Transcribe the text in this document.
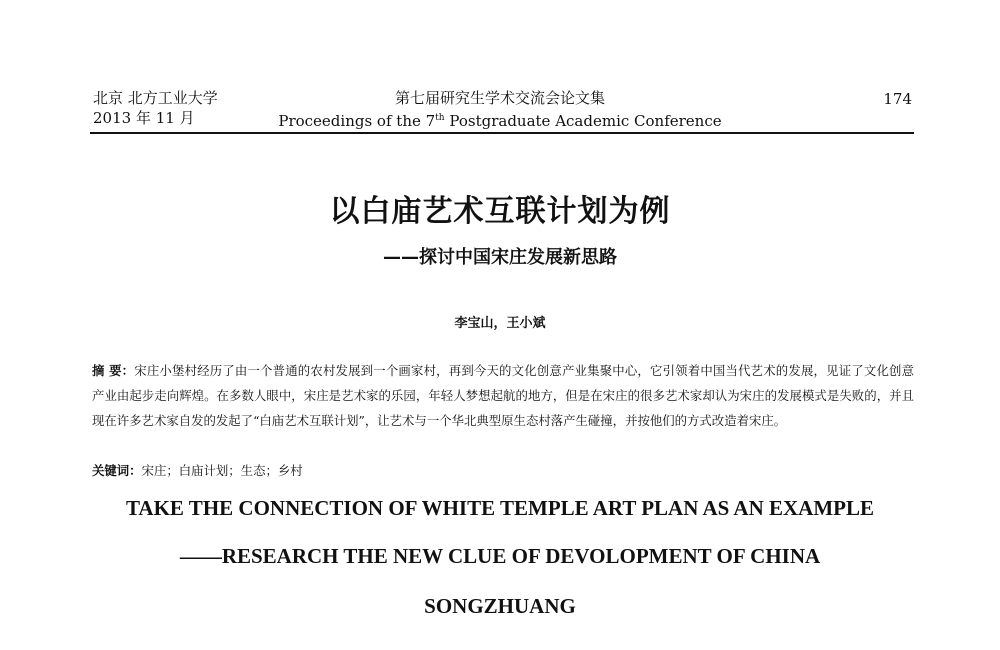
北京 北方工业大学
2013 年 11 月
第七届研究生学术交流会论文集
Proceedings of the 7th Postgraduate Academic Conference
174
以白庙艺术互联计划为例
——探讨中国宋庄发展新思路
李宝山，王小斌
摘 要：宋庄小堡村经历了由一个普通的农村发展到一个画家村，再到今天的文化创意产业集聚中心，它引领着中国当代艺术的发展，见证了文化创意产业由起步走向辉煌。在多数人眼中，宋庄是艺术家的乐园，年轻人梦想起航的地方，但是在宋庄的很多艺术家却认为宋庄的发展模式是失败的，并且现在许多艺术家自发的发起了“白庙艺术互联计划”，让艺术与一个华北典型原生态村落产生碰撞，并按他们的方式改造着宋庄。
关键词：宋庄；白庙计划；生态；乡村
TAKE THE CONNECTION OF WHITE TEMPLE ART PLAN AS AN EXAMPLE
——RESEARCH THE NEW CLUE OF DEVOLOPMENT OF CHINA
SONGZHUANG
